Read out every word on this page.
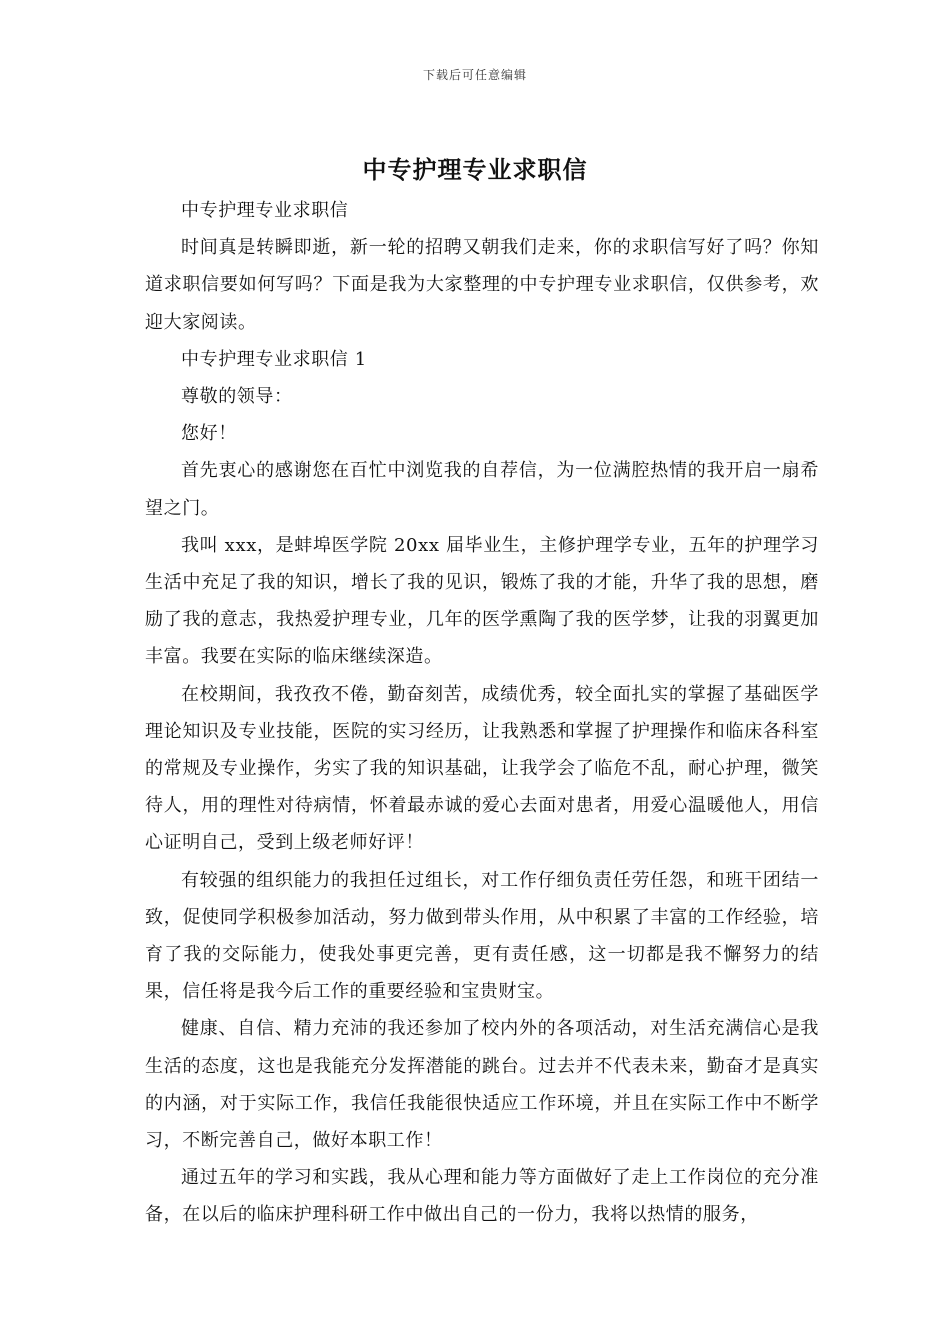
下载后可任意编辑
中专护理专业求职信

中专护理专业求职信

时间真是转瞬即逝，新一轮的招聘又朝我们走来，你的求职信写好了吗？你知道求职信要如何写吗？下面是我为大家整理的中专护理专业求职信，仅供参考，欢迎大家阅读。

中专护理专业求职信 1

尊敬的领导：

您好！

首先衷心的感谢您在百忙中浏览我的自荐信，为一位满腔热情的我开启一扇希望之门。

我叫 xxx，是蚌埠医学院 20xx 届毕业生，主修护理学专业，五年的护理学习生活中充足了我的知识，增长了我的见识，锻炼了我的才能，升华了我的思想，磨励了我的意志，我热爱护理专业，几年的医学熏陶了我的医学梦，让我的羽翼更加丰富。我要在实际的临床继续深造。

在校期间，我孜孜不倦，勤奋刻苦，成绩优秀，较全面扎实的掌握了基础医学理论知识及专业技能，医院的实习经历，让我熟悉和掌握了护理操作和临床各科室的常规及专业操作，劣实了我的知识基础，让我学会了临危不乱，耐心护理，微笑待人，用的理性对待病情，怀着最赤诚的爱心去面对患者，用爱心温暖他人，用信心证明自己，受到上级老师好评！

有较强的组织能力的我担任过组长，对工作仔细负责任劳任怨，和班干团结一致，促使同学积极参加活动，努力做到带头作用，从中积累了丰富的工作经验，培育了我的交际能力，使我处事更完善，更有责任感，这一切都是我不懈努力的结果，信任将是我今后工作的重要经验和宝贵财宝。

健康、自信、精力充沛的我还参加了校内外的各项活动，对生活充满信心是我生活的态度，这也是我能充分发挥潜能的跳台。过去并不代表未来，勤奋才是真实的内涵，对于实际工作，我信任我能很快适应工作环境，并且在实际工作中不断学习，不断完善自己，做好本职工作！

通过五年的学习和实践，我从心理和能力等方面做好了走上工作岗位的充分准备，在以后的临床护理科研工作中做出自己的一份力，我将以热情的服务，
